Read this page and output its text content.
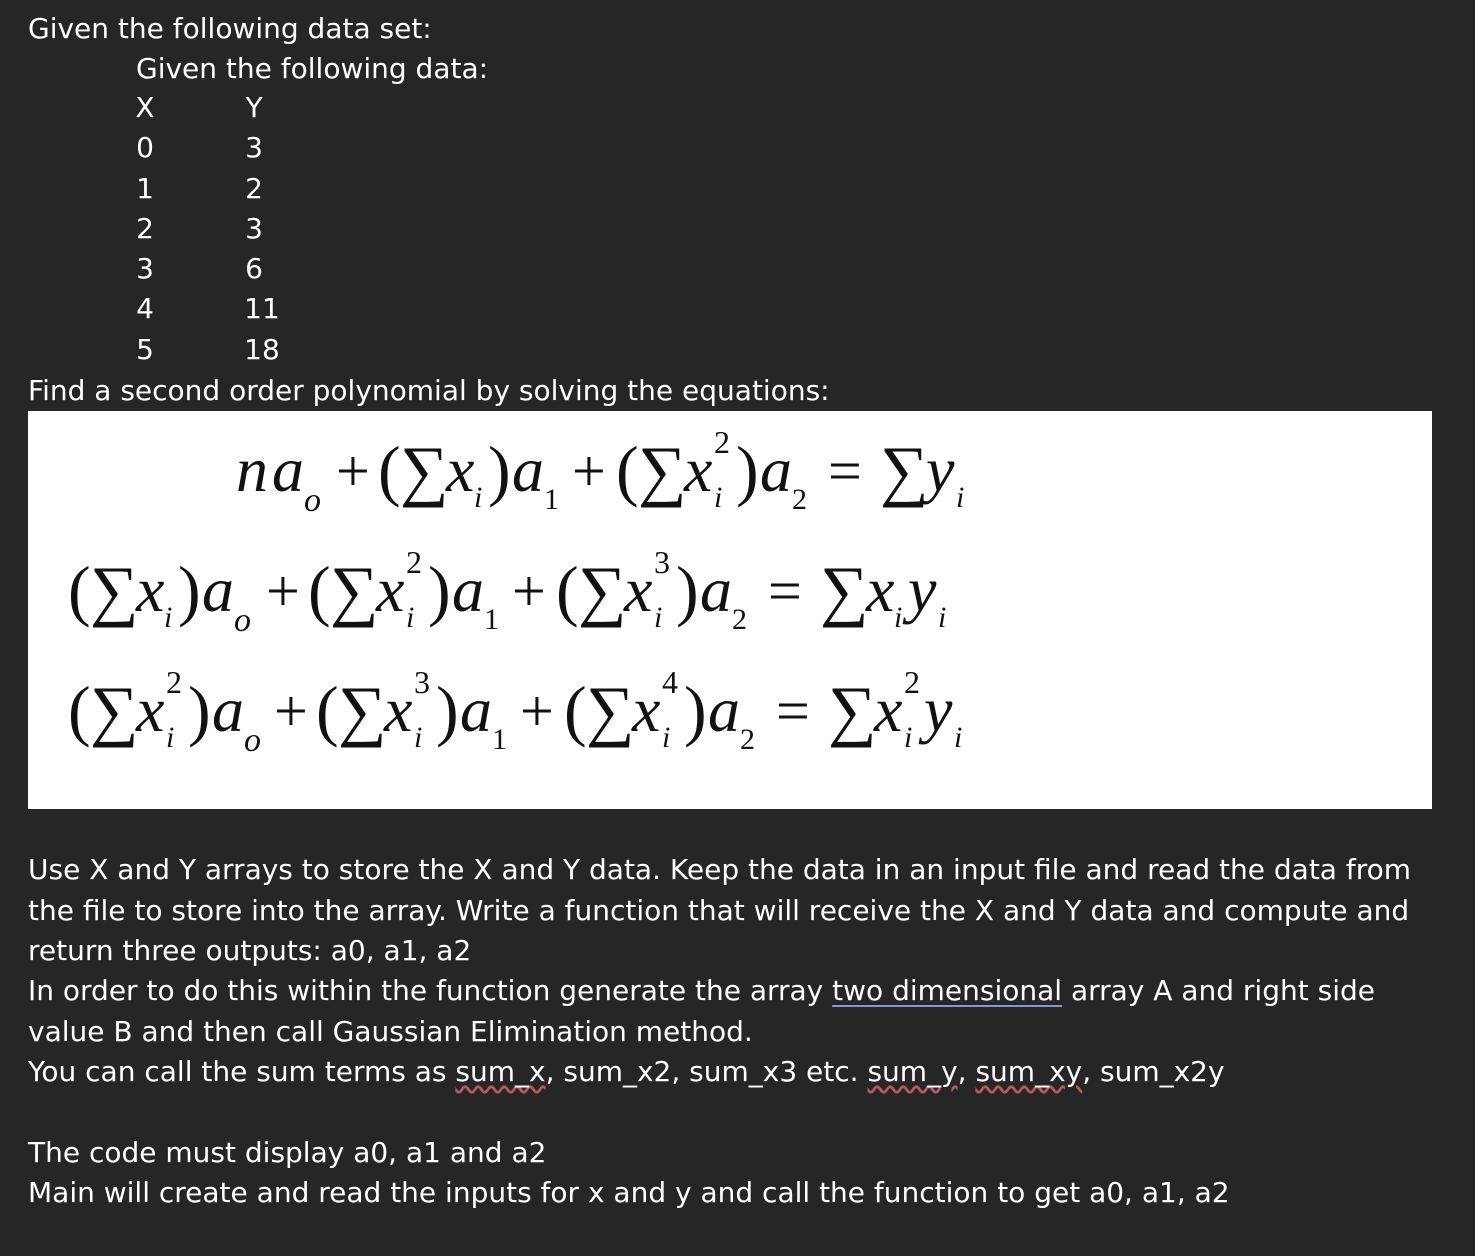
Given the following data set:
Given the following data:
X	Y
0	3
1	2
2	3
3	6
4	11
5	18
Find a second order polynomial by solving the equations:
n a o + ( ∑
x i ) a 1 + ( ∑
x 2
i ) a 2 = ∑
y i
( ∑
x i ) a o + ( ∑
x 2
i ) a 1 + ( ∑
x 3
i ) a 2 = ∑
x i y i
( ∑
x 2
i ) a o + ( ∑
x 3
i ) a 1 + ( ∑
x 4
i ) a 2 = ∑
x 2
i y i
Use X and Y arrays to store the X and Y data. Keep the data in an input file and read the data from
the file to store into the array. Write a function that will receive the X and Y data and compute and
return three outputs: a0, a1, a2
In order to do this within the function generate the array two dimensional array A and right side
value B and then call Gaussian Elimination method.
You can call the sum terms as sum_x, sum_x2, sum_x3 etc. sum_y, sum_xy, sum_x2y
The code must display a0, a1 and a2
Main will create and read the inputs for x and y and call the function to get a0, a1, a2
